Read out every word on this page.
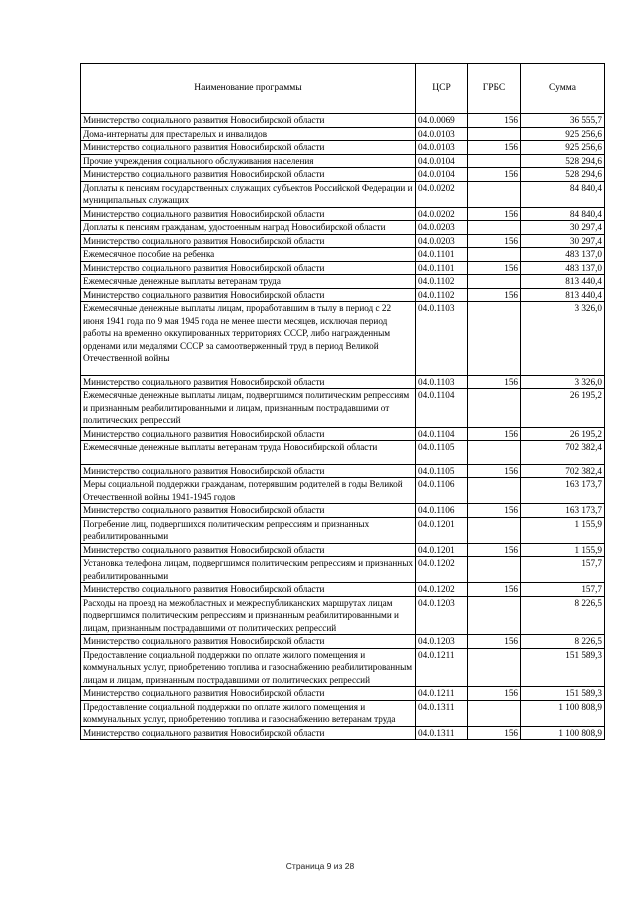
Наименование программы	ЦСР	ГРБС	Сумма
Министерство социального развития Новосибирской области	04.0.0069	156	36 555,7
Дома-интернаты для престарелых и инвалидов	04.0.0103		925 256,6
Министерство социального развития Новосибирской области	04.0.0103	156	925 256,6
Прочие учреждения социального обслуживания населения	04.0.0104		528 294,6
Министерство социального развития Новосибирской области	04.0.0104	156	528 294,6
Доплаты к пенсиям государственных служащих субъектов Российской Федерации и муниципальных служащих	04.0.0202		84 840,4
Министерство социального развития Новосибирской области	04.0.0202	156	84 840,4
Доплаты к пенсиям гражданам, удостоенным наград Новосибирской области	04.0.0203		30 297,4
Министерство социального развития Новосибирской области	04.0.0203	156	30 297,4
Ежемесячное пособие на ребенка	04.0.1101		483 137,0
Министерство социального развития Новосибирской области	04.0.1101	156	483 137,0
Ежемесячные денежные выплаты ветеранам труда	04.0.1102		813 440,4
Министерство социального развития Новосибирской области	04.0.1102	156	813 440,4
Ежемесячные денежные выплаты лицам, проработавшим в тылу в период с 22 июня 1941 года по 9 мая 1945 года не менее шести месяцев, исключая период работы на временно оккупированных территориях СССР, либо награжденным орденами или медалями СССР за самоотверженный труд в период Великой Отечественной войны	04.0.1103		3 326,0
Министерство социального развития Новосибирской области	04.0.1103	156	3 326,0
Ежемесячные денежные выплаты лицам, подвергшимся политическим репрессиям и признанным реабилитированными и лицам, признанным пострадавшими от политических репрессий	04.0.1104		26 195,2
Министерство социального развития Новосибирской области	04.0.1104	156	26 195,2
Ежемесячные денежные выплаты ветеранам труда Новосибирской области	04.0.1105		702 382,4
Министерство социального развития Новосибирской области	04.0.1105	156	702 382,4
Меры социальной поддержки гражданам, потерявшим родителей в годы Великой Отечественной войны 1941-1945 годов	04.0.1106		163 173,7
Министерство социального развития Новосибирской области	04.0.1106	156	163 173,7
Погребение лиц, подвергшихся политическим репрессиям и признанных реабилитированными	04.0.1201		1 155,9
Министерство социального развития Новосибирской области	04.0.1201	156	1 155,9
Установка телефона лицам, подвергшимся политическим репрессиям и признанных реабилитированными	04.0.1202		157,7
Министерство социального развития Новосибирской области	04.0.1202	156	157,7
Расходы на проезд на межобластных и межреспубликанских маршрутах лицам подвергшимся политическим репрессиям и признанным реабилитированными и лицам, признанным пострадавшими от политических репрессий	04.0.1203		8 226,5
Министерство социального развития Новосибирской области	04.0.1203	156	8 226,5
Предоставление социальной поддержки по оплате жилого помещения и коммунальных услуг, приобретению топлива и газоснабжению реабилитированным лицам и лицам, признанным пострадавшими от политических репрессий	04.0.1211		151 589,3
Министерство социального развития Новосибирской области	04.0.1211	156	151 589,3
Предоставление социальной поддержки по оплате жилого помещения и коммунальных услуг, приобретению топлива и газоснабжению ветеранам труда	04.0.1311		1 100 808,9
Министерство социального развития Новосибирской области	04.0.1311	156	1 100 808,9
Страница 9 из 28
